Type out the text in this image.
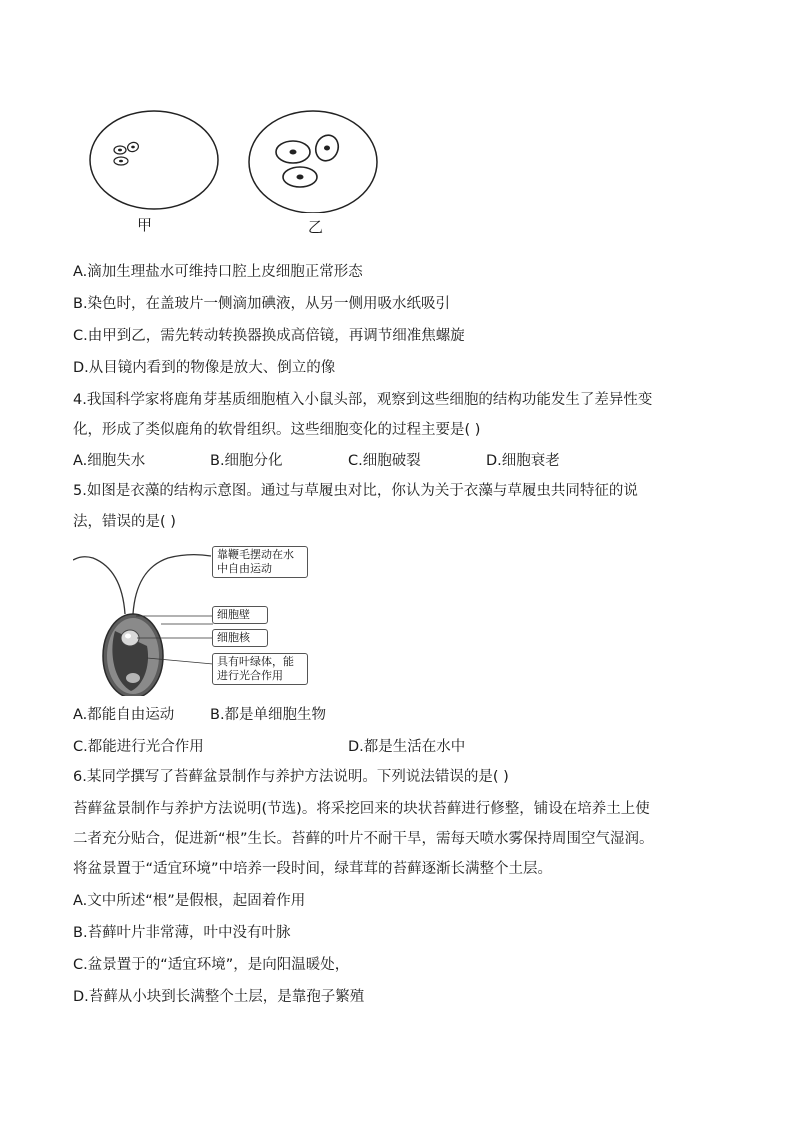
甲	乙
A.滴加生理盐水可维持口腔上皮细胞正常形态
B.染色时，在盖玻片一侧滴加碘液，从另一侧用吸水纸吸引
C.由甲到乙，需先转动转换器换成高倍镜，再调节细准焦螺旋
D.从目镜内看到的物像是放大、倒立的像
4.我国科学家将鹿角芽基质细胞植入小鼠头部，观察到这些细胞的结构功能发生了差异性变
化，形成了类似鹿角的软骨组织。这些细胞变化的过程主要是( )
A.细胞失水	B.细胞分化	C.细胞破裂	D.细胞衰老
5.如图是衣藻的结构示意图。通过与草履虫对比，你认为关于衣藻与草履虫共同特征的说
法，错误的是( )
靠鞭毛摆动在水中自由运动
细胞壁
细胞核
具有叶绿体，能进行光合作用
A.都能自由运动 B.都是单细胞生物
C.都能进行光合作用	D.都是生活在水中
6.某同学撰写了苔藓盆景制作与养护方法说明。下列说法错误的是( )
苔藓盆景制作与养护方法说明(节选)。将采挖回来的块状苔藓进行修整，铺设在培养土上使
二者充分贴合，促进新“根”生长。苔藓的叶片不耐干旱，需每天喷水雾保持周围空气湿润。
将盆景置于“适宜环境”中培养一段时间，绿茸茸的苔藓逐渐长满整个土层。
A.文中所述“根”是假根，起固着作用
B.苔藓叶片非常薄，叶中没有叶脉
C.盆景置于的“适宜环境”，是向阳温暖处，
D.苔藓从小块到长满整个土层，是靠孢子繁殖
